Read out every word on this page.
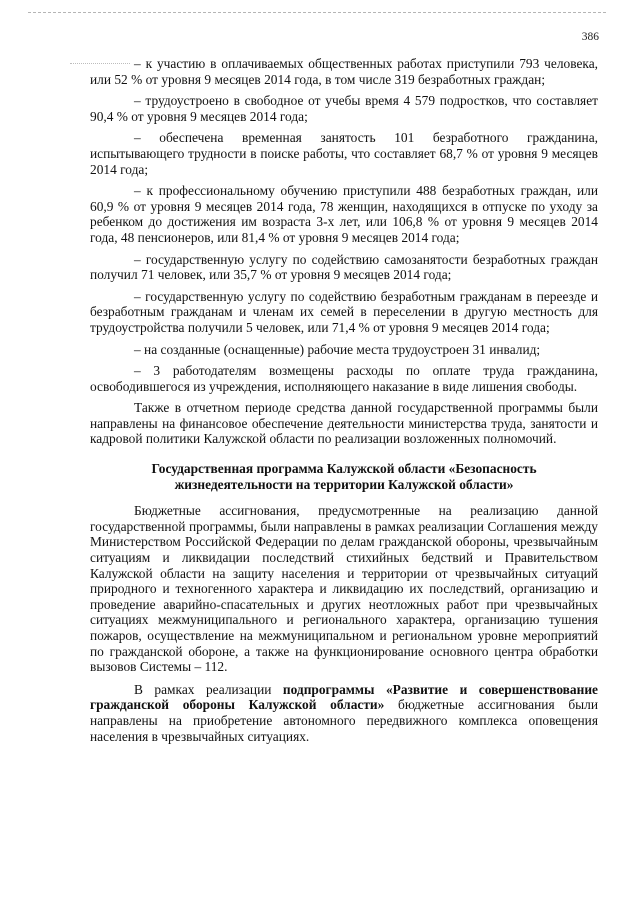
386

– к участию в оплачиваемых общественных работах приступили 793 человека, или 52 % от уровня 9 месяцев 2014 года, в том числе 319 безработных граждан;

– трудоустроено в свободное от учебы время 4 579 подростков, что составляет 90,4 % от уровня 9 месяцев 2014 года;

– обеспечена временная занятость 101 безработного гражданина, испытывающего трудности в поиске работы, что составляет 68,7 % от уровня 9 месяцев 2014 года;

– к профессиональному обучению приступили 488 безработных граждан, или 60,9 % от уровня 9 месяцев 2014 года, 78 женщин, находящихся в отпуске по уходу за ребенком до достижения им возраста 3-х лет, или 106,8 % от уровня 9 месяцев 2014 года, 48 пенсионеров, или 81,4 % от уровня 9 месяцев 2014 года;

– государственную услугу по содействию самозанятости безработных граждан получил 71 человек, или 35,7 % от уровня 9 месяцев 2014 года;

– государственную услугу по содействию безработным гражданам в переезде и безработным гражданам и членам их семей в переселении в другую местность для трудоустройства получили 5 человек, или 71,4 % от уровня 9 месяцев 2014 года;

– на созданные (оснащенные) рабочие места трудоустроен 31 инвалид;

– 3 работодателям возмещены расходы по оплате труда гражданина, освободившегося из учреждения, исполняющего наказание в виде лишения свободы.

Также в отчетном периоде средства данной государственной программы были направлены на финансовое обеспечение деятельности министерства труда, занятости и кадровой политики Калужской области по реализации возложенных полномочий.

Государственная программа Калужской области «Безопасность
жизнедеятельности на территории Калужской области»

Бюджетные ассигнования, предусмотренные на реализацию данной государственной программы, были направлены в рамках реализации Соглашения между Министерством Российской Федерации по делам гражданской обороны, чрезвычайным ситуациям и ликвидации последствий стихийных бедствий и Правительством Калужской области на защиту населения и территории от чрезвычайных ситуаций природного и техногенного характера и ликвидацию их последствий, организацию и проведение аварийно-спасательных и других неотложных работ при чрезвычайных ситуациях межмуниципального и регионального характера, организацию тушения пожаров, осуществление на межмуниципальном и региональном уровне мероприятий по гражданской обороне, а также на функционирование основного центра обработки вызовов Системы – 112.

В рамках реализации подпрограммы «Развитие и совершенствование гражданской обороны Калужской области» бюджетные ассигнования были направлены на приобретение автономного передвижного комплекса оповещения населения в чрезвычайных ситуациях.
